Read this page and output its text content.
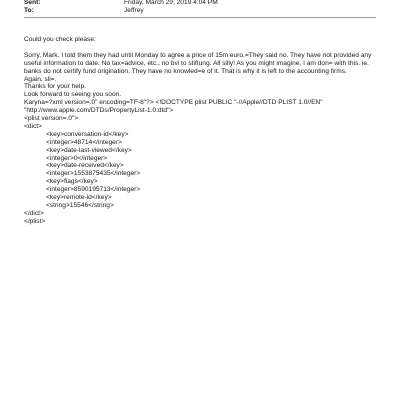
Sent:	Friday, March 29, 2019 4:04 PM
To:	Jeffrey
Could you check please:
Sorry, Mark. I told them they had until Monday to agree a price of 15m euro.=They said no. They have not provided any
useful information to date. No tax=advice, etc., no bvi to stiftung. All silly! As you might imagine, I am don= with this. ie.
banks do not certify fund origination. They have no knowled=e of it. That is why it is left to the accounting firms.
Again, sll=.
Thanks for your help.
Look forward to seeing you soon.
Karyna=?xml version=.0" encoding=TF-8"?> <!DOCTYPE plist PUBLIC "-//Apple//DTD PLIST 1.0//EN"
"http://www.apple.com/DTDs/PropertyList-1.0.dtd">
<plist version=.0">
<dict>
<key>conversation-id</key>
<integer>48714</integer>
<key>date-last-viewed</key>
<integer>0</integer>
<key>date-received</key>
<integer>1553875435</integer>
<key>flags</key>
<integer>8590195713</integer>
<key>remote-id</key>
<string>15546</string>
</dict>
</plist>
